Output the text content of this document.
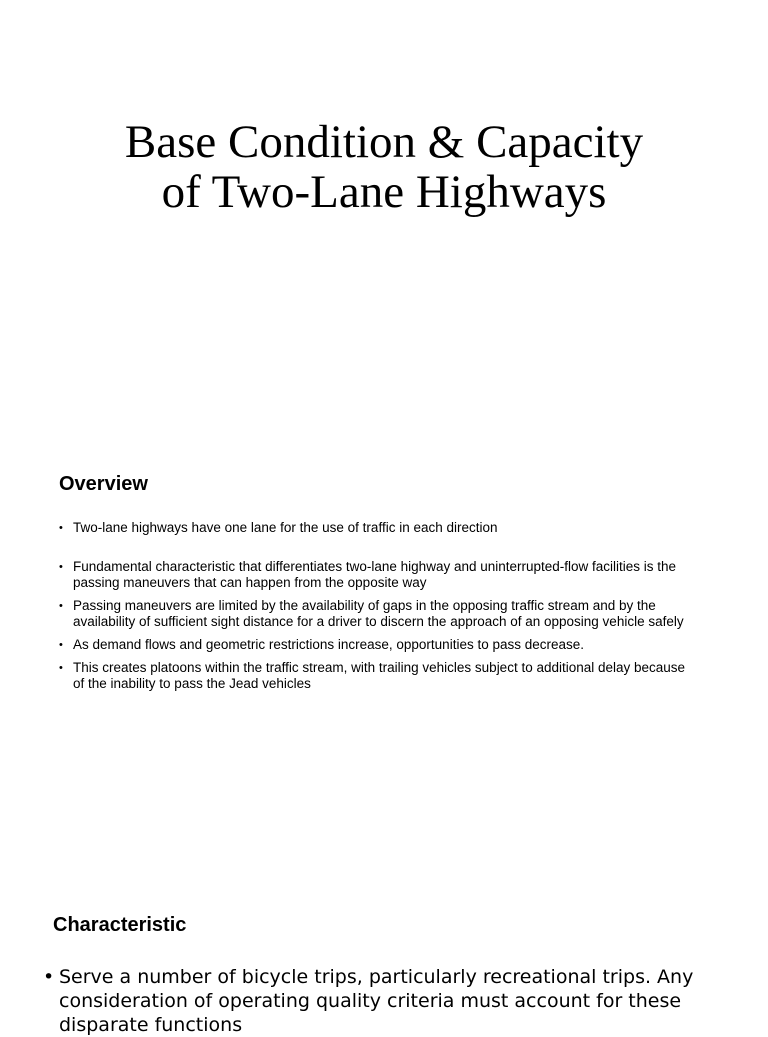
Base Condition & Capacity
of Two-Lane Highways
Overview
• Two-lane highways have one lane for the use of traffic in each direction
• Fundamental characteristic that differentiates two-lane highway and uninterrupted-flow facilities is the passing maneuvers that can happen from the opposite way
• Passing maneuvers are limited by the availability of gaps in the opposing traffic stream and by the availability of sufficient sight distance for a driver to discern the approach of an opposing vehicle safely
• As demand flows and geometric restrictions increase, opportunities to pass decrease.
• This creates platoons within the traffic stream, with trailing vehicles subject to additional delay because of the inability to pass the Jead vehicles
Characteristic
• Serve a number of bicycle trips, particularly recreational trips. Any consideration of operating quality criteria must account for these disparate functions
